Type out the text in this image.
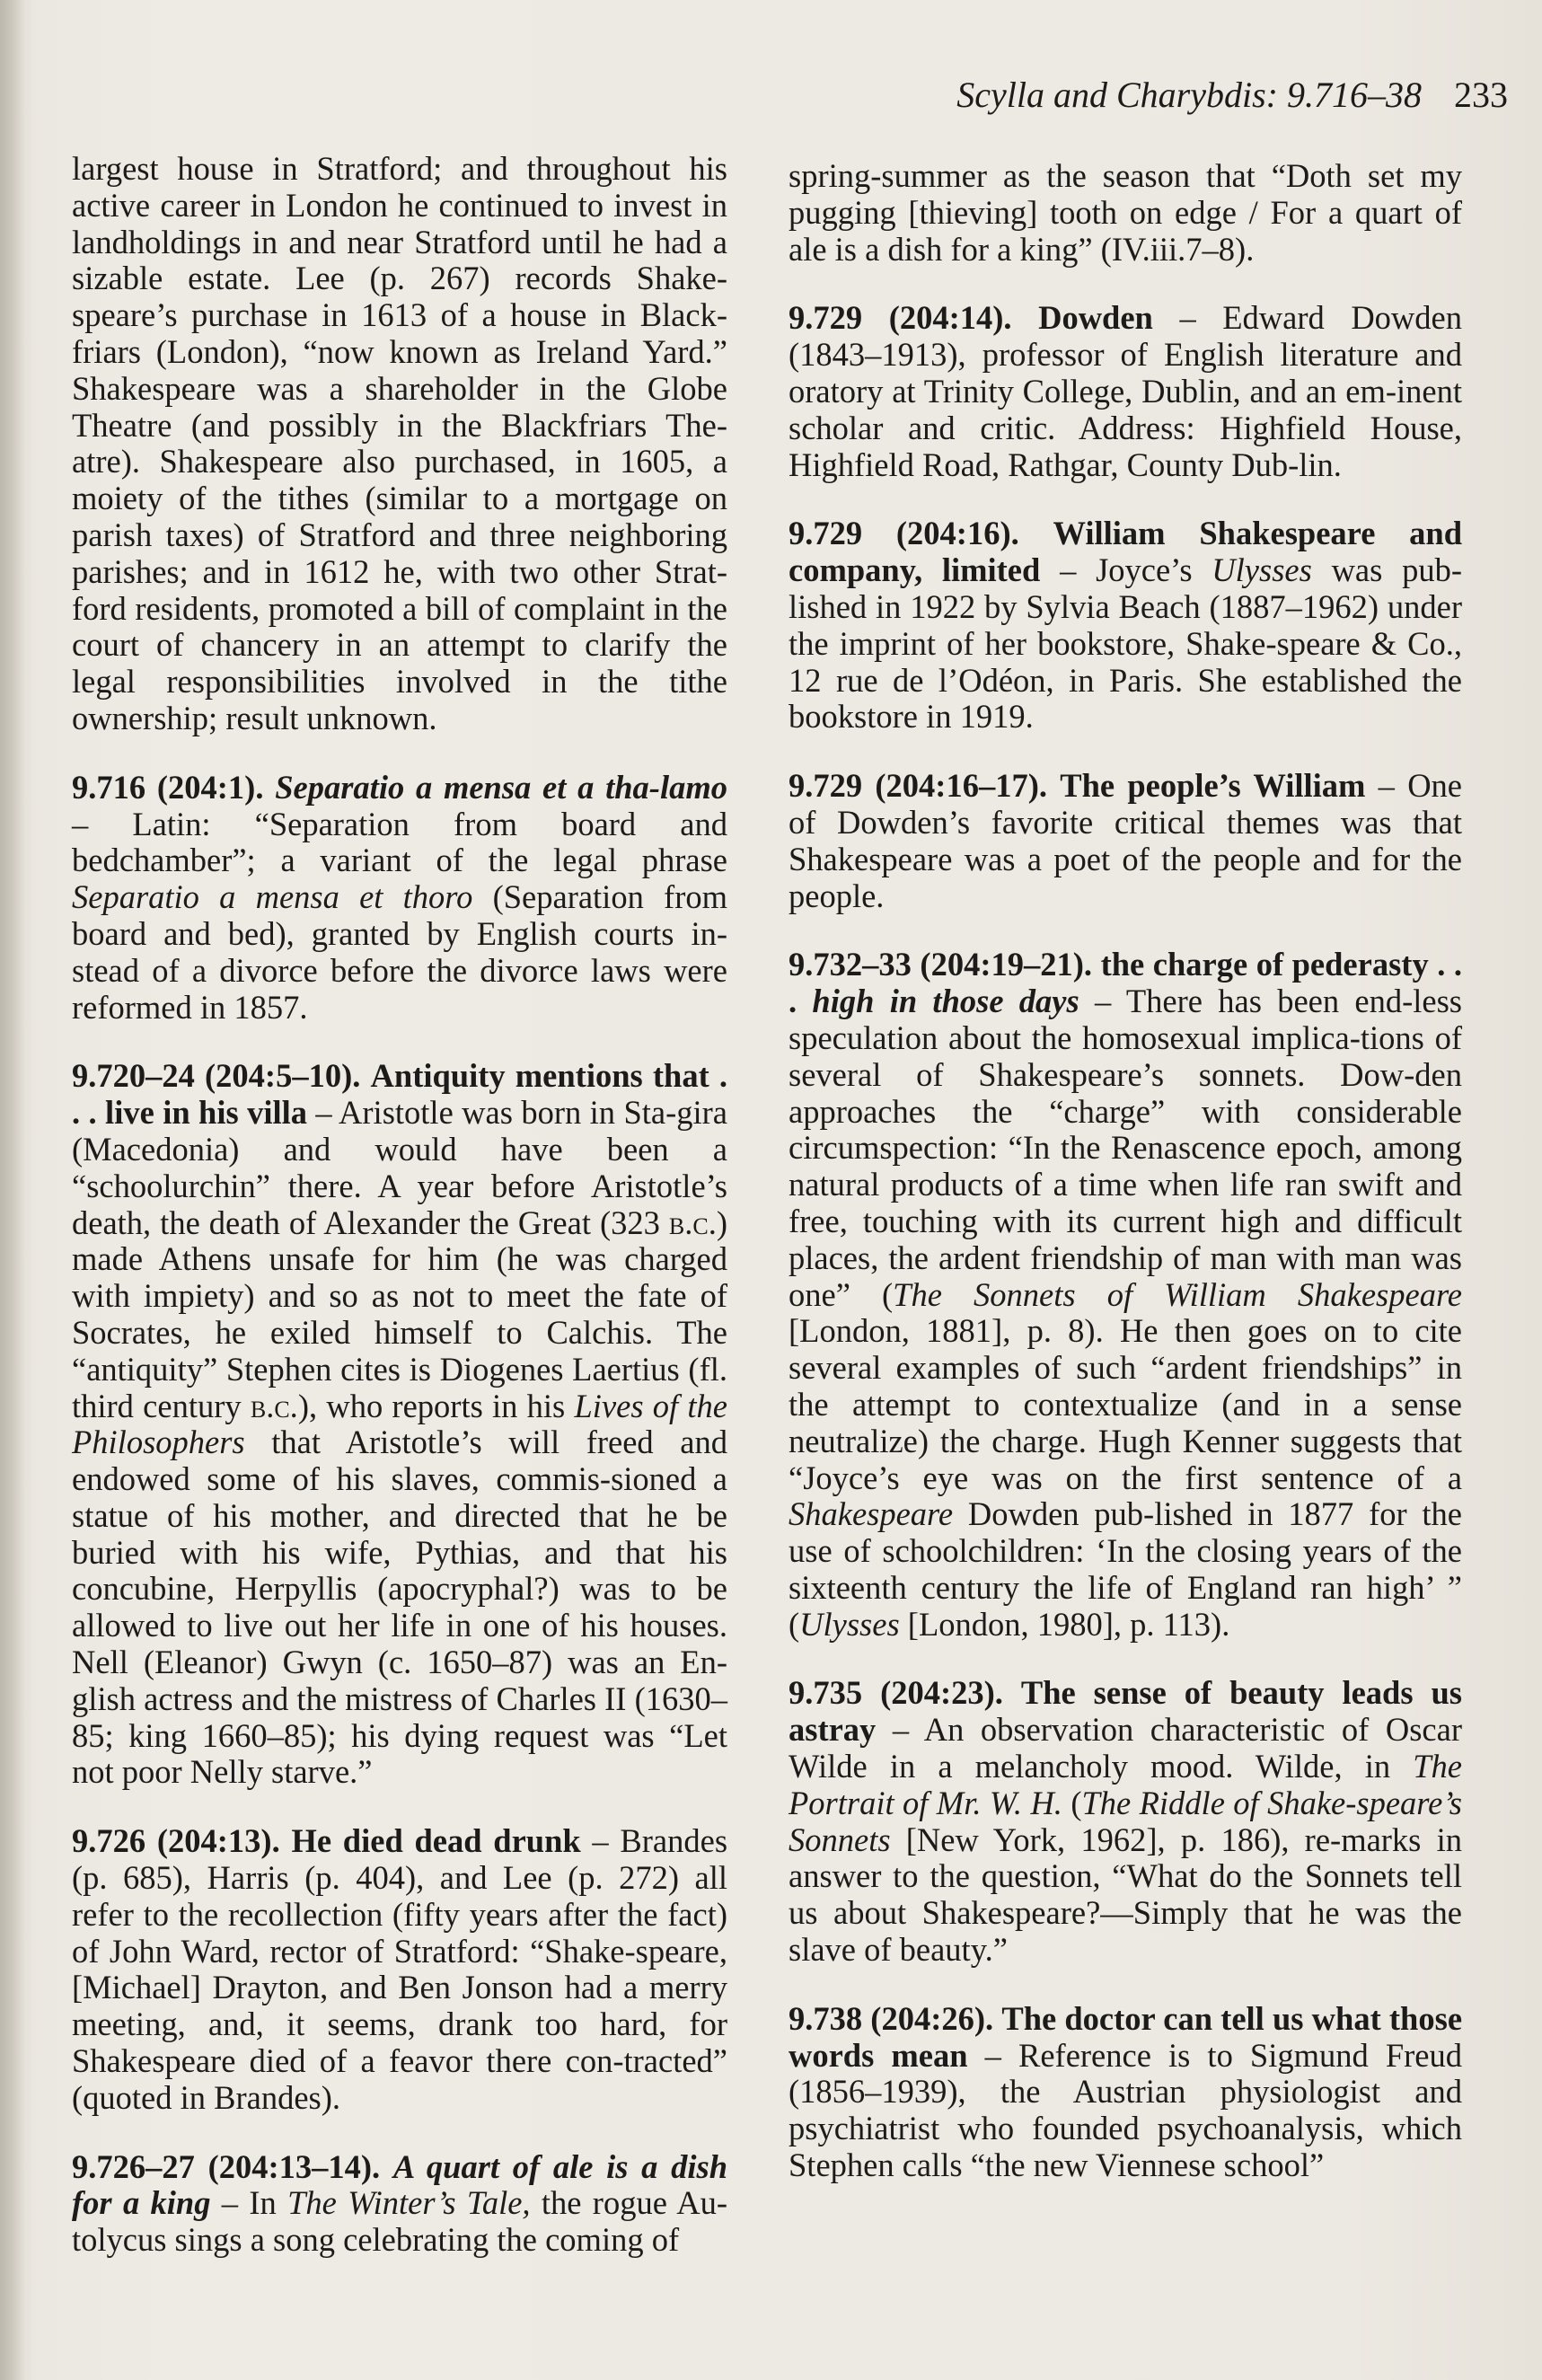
Scylla and Charybdis: 9.716–38 233

largest house in Stratford; and throughout his active career in London he continued to invest in landholdings in and near Stratford until he had a sizable estate. Lee (p. 267) records Shake-speare’s purchase in 1613 of a house in Black-friars (London), “now known as Ireland Yard.” Shakespeare was a shareholder in the Globe Theatre (and possibly in the Blackfriars The-atre). Shakespeare also purchased, in 1605, a moiety of the tithes (similar to a mortgage on parish taxes) of Stratford and three neighboring parishes; and in 1612 he, with two other Strat-ford residents, promoted a bill of complaint in the court of chancery in an attempt to clarify the legal responsibilities involved in the tithe ownership; result unknown.

9.716 (204:1). Separatio a mensa et a tha-lamo – Latin: “Separation from board and bedchamber”; a variant of the legal phrase Separatio a mensa et thoro (Separation from board and bed), granted by English courts in-stead of a divorce before the divorce laws were reformed in 1857.

9.720–24 (204:5–10). Antiquity mentions that . . . live in his villa – Aristotle was born in Sta-gira (Macedonia) and would have been a “schoolurchin” there. A year before Aristotle’s death, the death of Alexander the Great (323 b.c.) made Athens unsafe for him (he was charged with impiety) and so as not to meet the fate of Socrates, he exiled himself to Calchis. The “antiquity” Stephen cites is Diogenes Laertius (fl. third century b.c.), who reports in his Lives of the Philosophers that Aristotle’s will freed and endowed some of his slaves, commis-sioned a statue of his mother, and directed that he be buried with his wife, Pythias, and that his concubine, Herpyllis (apocryphal?) was to be allowed to live out her life in one of his houses. Nell (Eleanor) Gwyn (c. 1650–87) was an En-glish actress and the mistress of Charles II (1630–85; king 1660–85); his dying request was “Let not poor Nelly starve.”

9.726 (204:13). He died dead drunk – Brandes (p. 685), Harris (p. 404), and Lee (p. 272) all refer to the recollection (fifty years after the fact) of John Ward, rector of Stratford: “Shake-speare, [Michael] Drayton, and Ben Jonson had a merry meeting, and, it seems, drank too hard, for Shakespeare died of a feavor there con-tracted” (quoted in Brandes).

9.726–27 (204:13–14). A quart of ale is a dish for a king – In The Winter’s Tale, the rogue Au-tolycus sings a song celebrating the coming of

spring-summer as the season that “Doth set my pugging [thieving] tooth on edge / For a quart of ale is a dish for a king” (IV.iii.7–8).

9.729 (204:14). Dowden – Edward Dowden (1843–1913), professor of English literature and oratory at Trinity College, Dublin, and an em-inent scholar and critic. Address: Highfield House, Highfield Road, Rathgar, County Dub-lin.

9.729 (204:16). William Shakespeare and company, limited – Joyce’s Ulysses was pub-lished in 1922 by Sylvia Beach (1887–1962) under the imprint of her bookstore, Shake-speare & Co., 12 rue de l’Odéon, in Paris. She established the bookstore in 1919.

9.729 (204:16–17). The people’s William – One of Dowden’s favorite critical themes was that Shakespeare was a poet of the people and for the people.

9.732–33 (204:19–21). the charge of pederasty . . . high in those days – There has been end-less speculation about the homosexual implica-tions of several of Shakespeare’s sonnets. Dow-den approaches the “charge” with considerable circumspection: “In the Renascence epoch, among natural products of a time when life ran swift and free, touching with its current high and difficult places, the ardent friendship of man with man was one” (The Sonnets of William Shakespeare [London, 1881], p. 8). He then goes on to cite several examples of such “ardent friendships” in the attempt to contextualize (and in a sense neutralize) the charge. Hugh Kenner suggests that “Joyce’s eye was on the first sentence of a Shakespeare Dowden pub-lished in 1877 for the use of schoolchildren: ‘In the closing years of the sixteenth century the life of England ran high’ ” (Ulysses [London, 1980], p. 113).

9.735 (204:23). The sense of beauty leads us astray – An observation characteristic of Oscar Wilde in a melancholy mood. Wilde, in The Portrait of Mr. W. H. (The Riddle of Shake-speare’s Sonnets [New York, 1962], p. 186), re-marks in answer to the question, “What do the Sonnets tell us about Shakespeare?—Simply that he was the slave of beauty.”

9.738 (204:26). The doctor can tell us what those words mean – Reference is to Sigmund Freud (1856–1939), the Austrian physiologist and psychiatrist who founded psychoanalysis, which Stephen calls “the new Viennese school”
